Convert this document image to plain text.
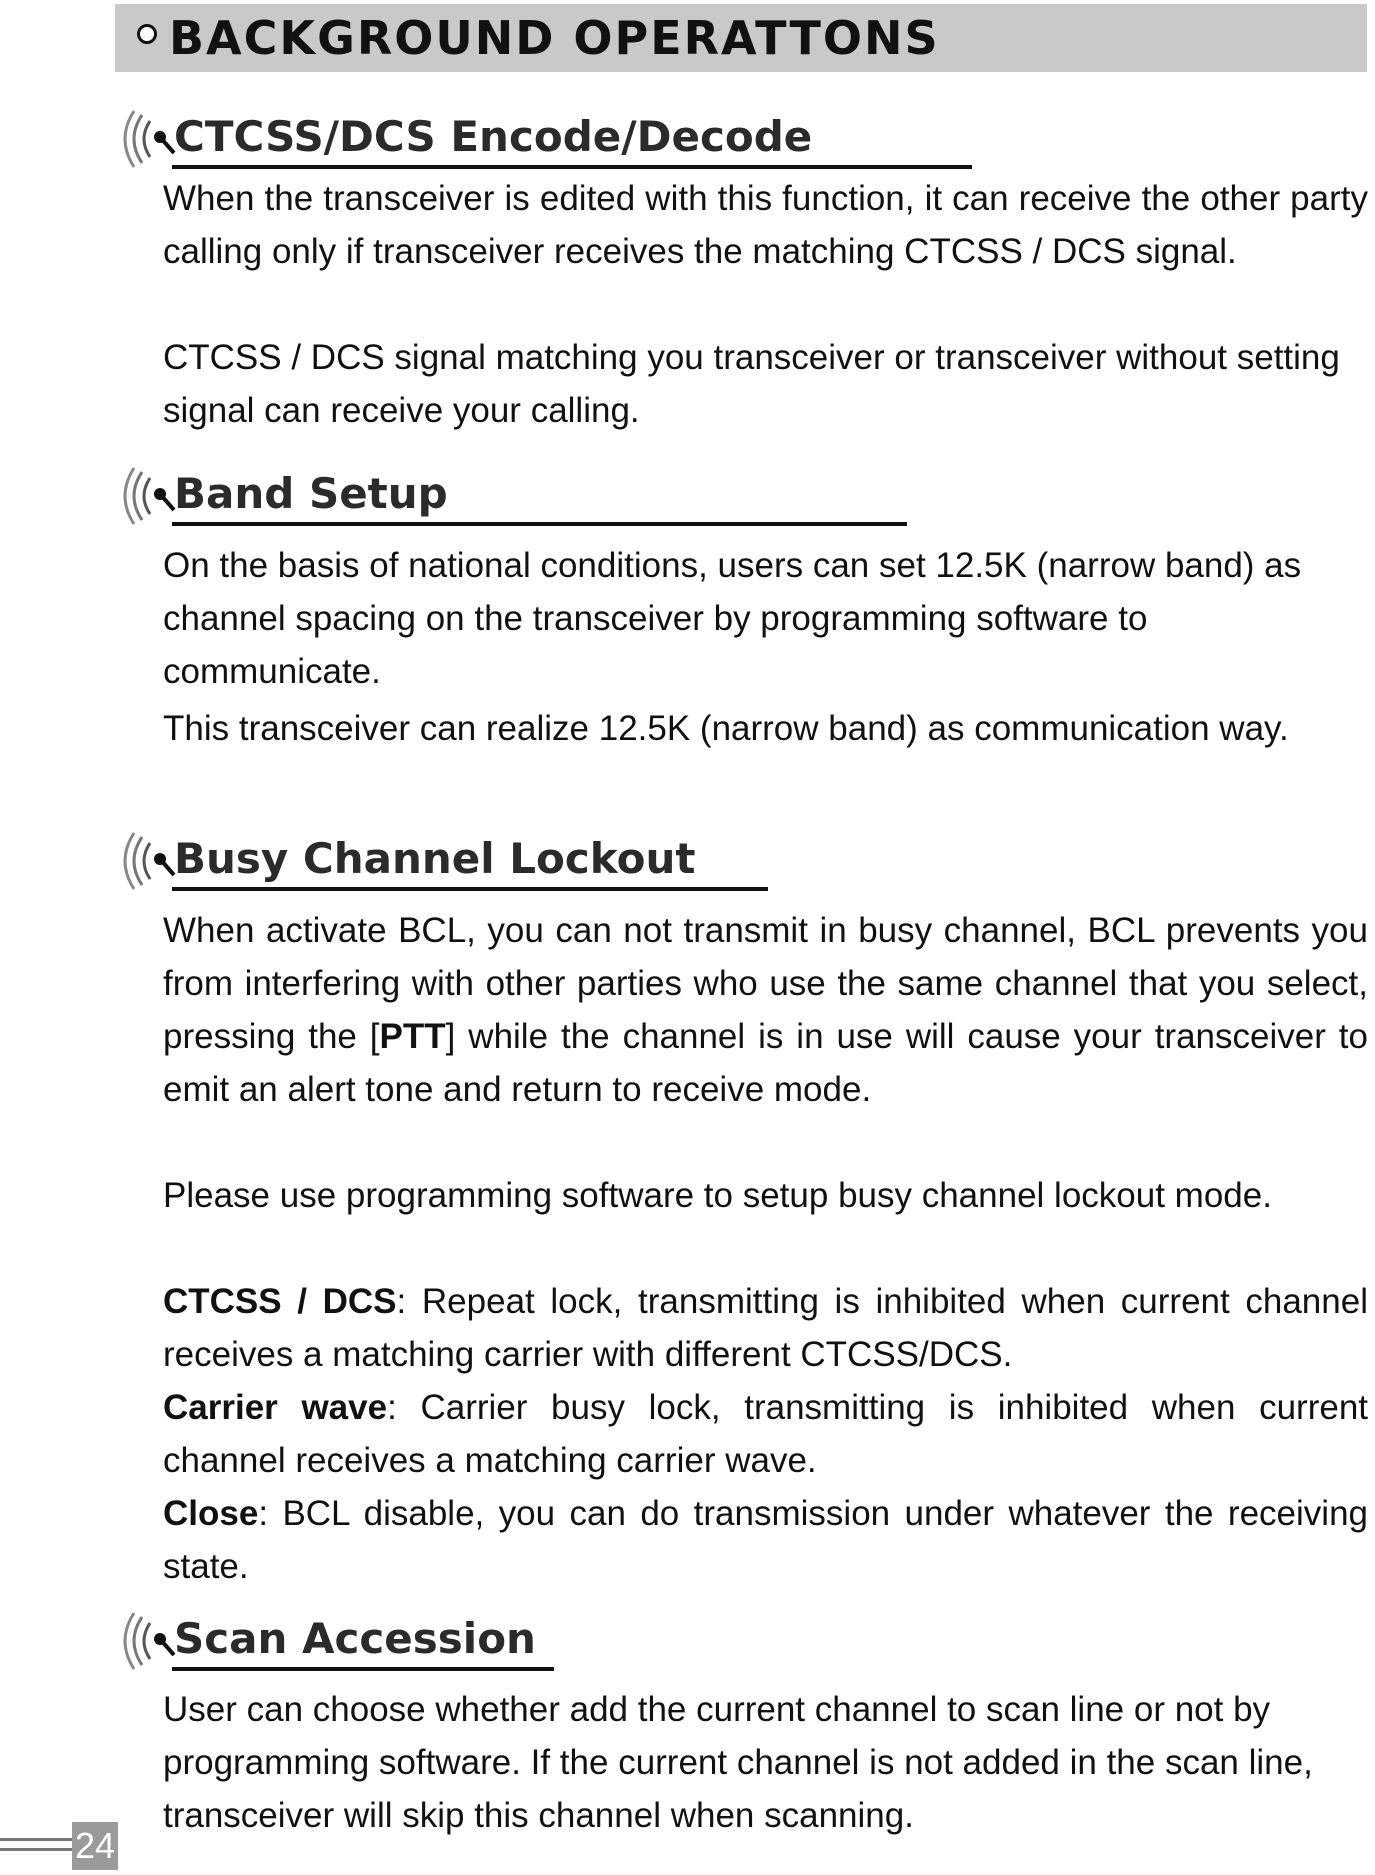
BACKGROUND OPERATTONS
CTCSS/DCS Encode/Decode

When the transceiver is edited with this function, it can receive the other party calling only if transceiver receives the matching CTCSS / DCS signal.

CTCSS / DCS signal matching you transceiver or transceiver without setting signal can receive your calling.

Band Setup

On the basis of national conditions, users can set 12.5K (narrow band) as channel spacing on the transceiver by programming software to communicate.

This transceiver can realize 12.5K (narrow band) as communication way.

Busy Channel Lockout

When activate BCL, you can not transmit in busy channel, BCL prevents you from interfering with other parties who use the same channel that you select, pressing the [PTT] while the channel is in use will cause your transceiver to emit an alert tone and return to receive mode.

Please use programming software to setup busy channel lockout mode.

CTCSS / DCS: Repeat lock, transmitting is inhibited when current channel receives a matching carrier with different CTCSS/DCS.

Carrier wave: Carrier busy lock, transmitting is inhibited when current channel receives a matching carrier wave.

Close: BCL disable, you can do transmission under whatever the receiving state.

Scan Accession

User can choose whether add the current channel to scan line or not by programming software. If the current channel is not added in the scan line, transceiver will skip this channel when scanning.

24
